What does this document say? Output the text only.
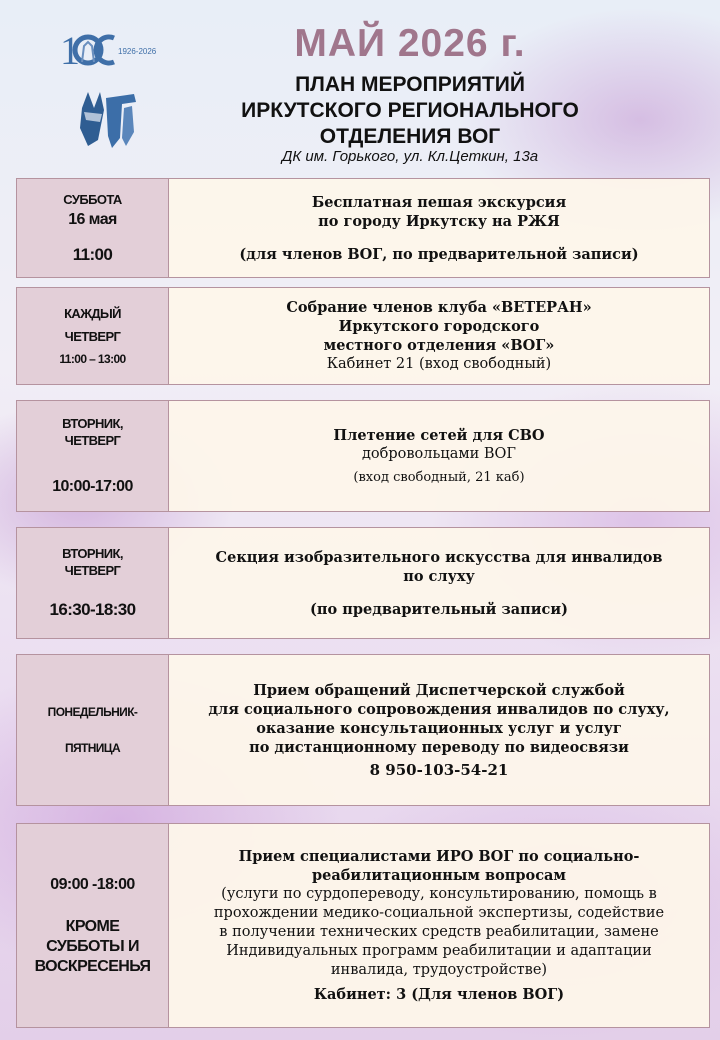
1	1926-2026	МАЙ 2026 г.
ПЛАН МЕРОПРИЯТИЙ
ИРКУТСКОГО РЕГИОНАЛЬНОГО
ОТДЕЛЕНИЯ ВОГ
ДК им. Горького, ул. Кл.Цеткин, 13а
СУББОТА
16 мая
11:00
Бесплатная пешая экскурсия
по городу Иркутску на РЖЯ
(для членов ВОГ, по предварительной записи)
КАЖДЫЙ
ЧЕТВЕРГ
11:00 – 13:00
Собрание членов клуба «ВЕТЕРАН»
Иркутского городского
местного отделения «ВОГ»
Кабинет 21 (вход свободный)
ВТОРНИК,
ЧЕТВЕРГ
10:00-17:00
Плетение сетей для СВО
добровольцами ВОГ
(вход свободный, 21 каб)
ВТОРНИК,
ЧЕТВЕРГ
16:30-18:30
Секция изобразительного искусства для инвалидов
по слуху
(по предварительный записи)
ПОНЕДЕЛЬНИК-
ПЯТНИЦА
Прием обращений Диспетчерской службой
для социального сопровождения инвалидов по слуху,
оказание консультационных услуг и услуг
по дистанционному переводу по видеосвязи
8 950-103-54-21
09:00 -18:00
КРОМЕ
СУББОТЫ И
ВОСКРЕСЕНЬЯ
Прием специалистами ИРО ВОГ по социально-
реабилитационным вопросам
(услуги по сурдопереводу, консультированию, помощь в
прохождении медико-социальной экспертизы, содействие
в получении технических средств реабилитации, замене
Индивидуальных программ реабилитации и адаптации
инвалида, трудоустройстве)
Кабинет: 3 (Для членов ВОГ)
